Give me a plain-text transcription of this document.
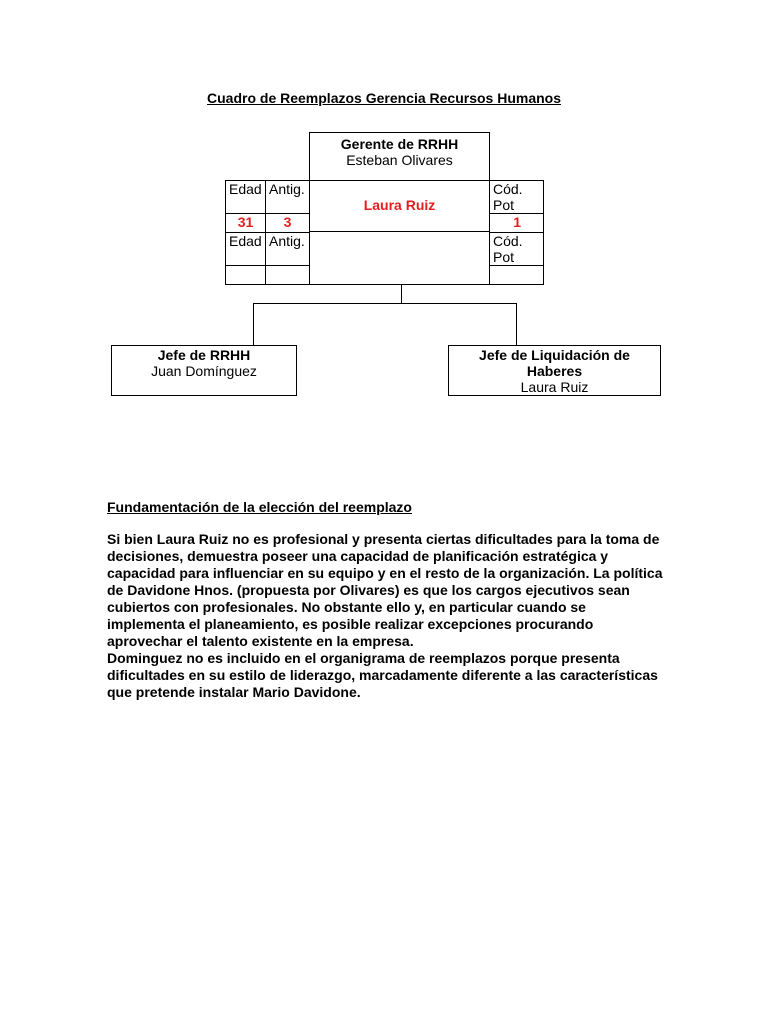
Cuadro de Reemplazos Gerencia Recursos Humanos
Gerente de RRHH
Esteban Olivares
Edad Antig.
Laura Ruiz
Cód.
Pot
31	3	1
Edad Antig.	Cód.
Pot
Jefe de RRHH
Juan Domínguez
Jefe de Liquidación de
Haberes
Laura Ruiz
Fundamentación de la elección del reemplazo

Si bien Laura Ruiz no es profesional y presenta ciertas dificultades para la toma de

decisiones, demuestra poseer una capacidad de planificación estratégica y

capacidad para influenciar en su equipo y en el resto de la organización. La política

de Davidone Hnos. (propuesta por Olivares) es que los cargos ejecutivos sean

cubiertos con profesionales. No obstante ello y, en particular cuando se

implementa el planeamiento, es posible realizar excepciones procurando

aprovechar el talento existente en la empresa.

Dominguez no es incluido en el organigrama de reemplazos porque presenta

dificultades en su estilo de liderazgo, marcadamente diferente a las características

que pretende instalar Mario Davidone.
